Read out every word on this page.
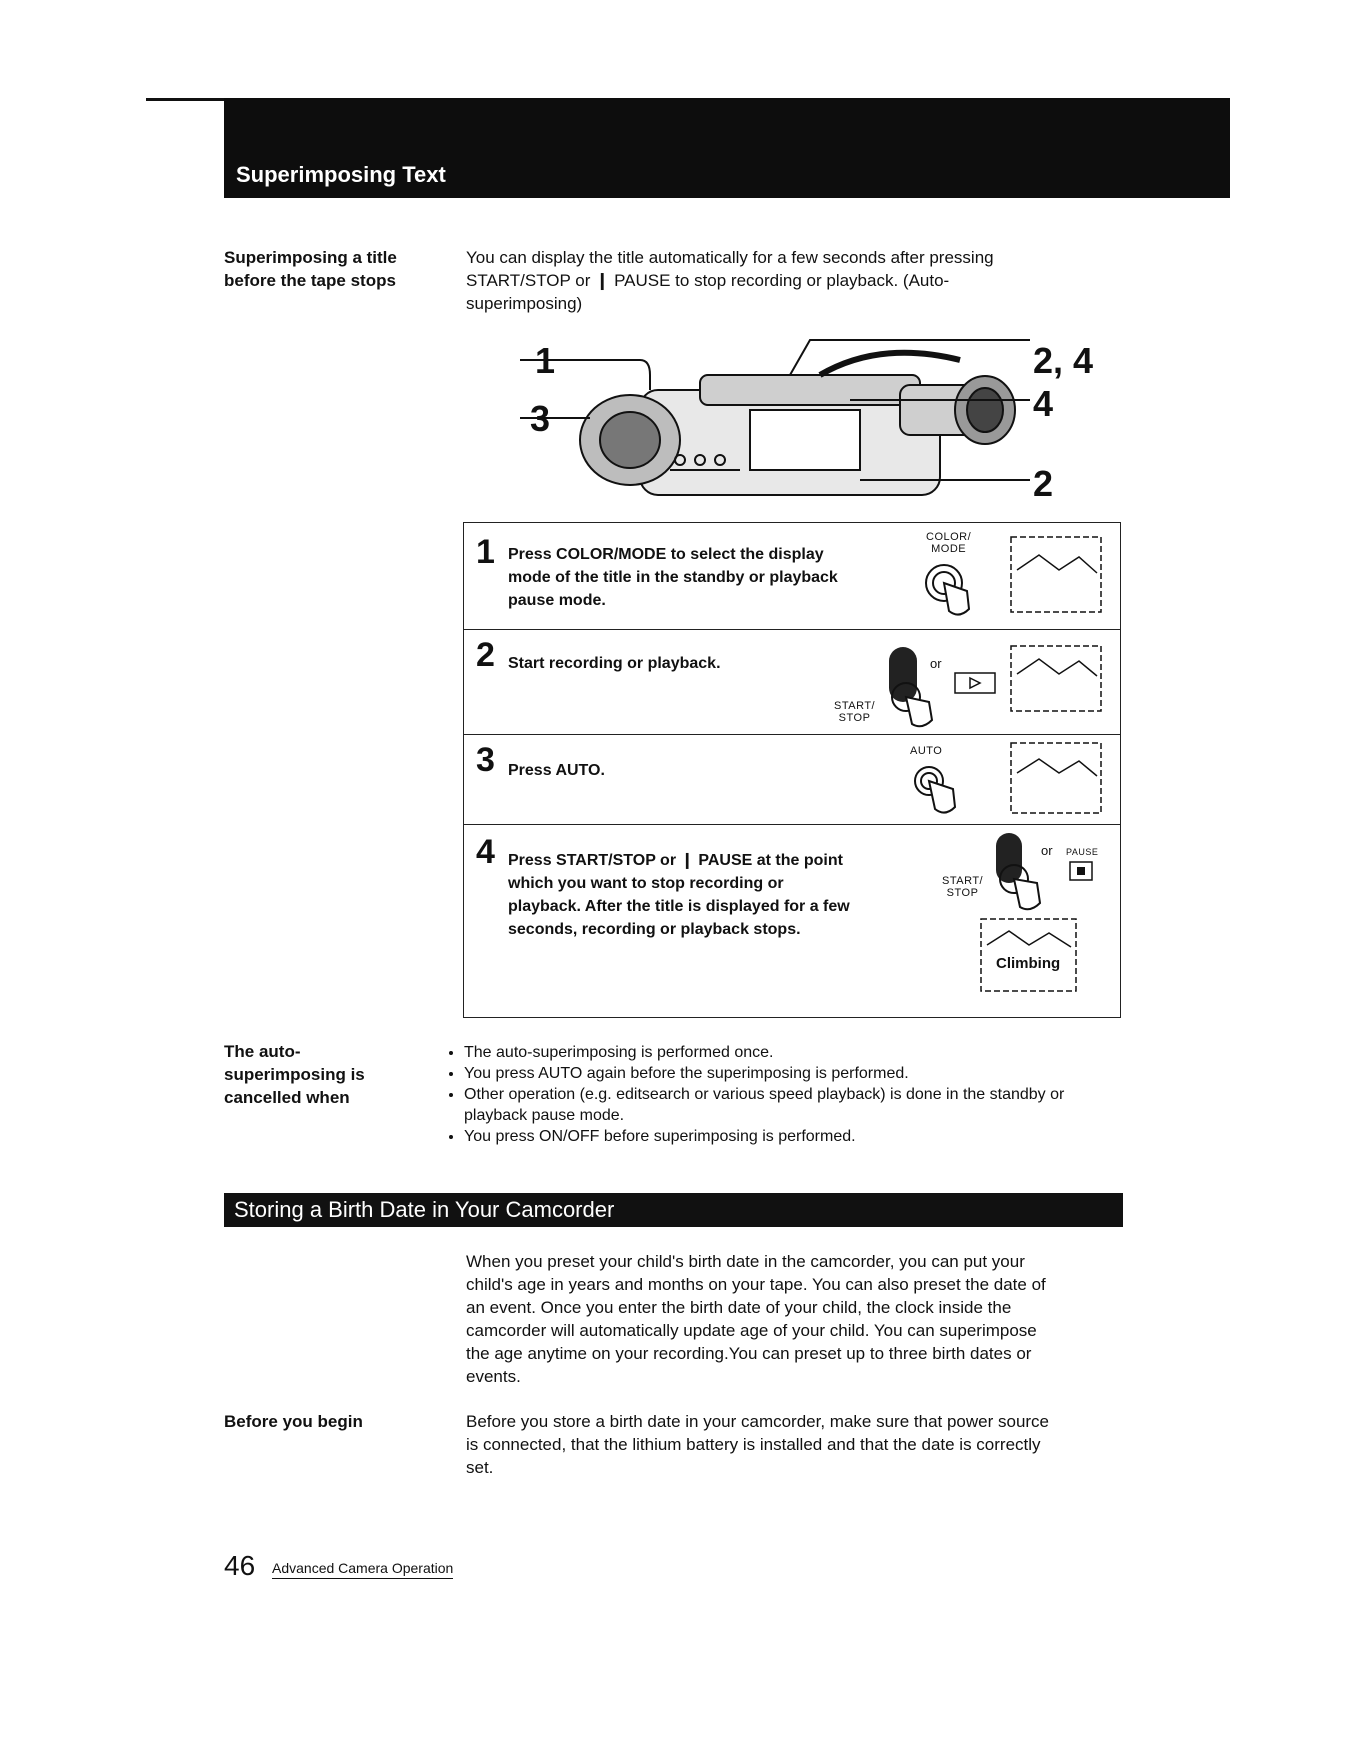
Superimposing Text
Superimposing a title
before the tape stops
You can display the title automatically for a few seconds after pressing
START/STOP or ❙ PAUSE to stop recording or playback. (Auto-
superimposing)
1
3
2, 4
4
2
1 Press COLOR/MODE to select the display
mode of the title in the standby or playback
pause mode.
COLOR/
MODE
2 Start recording or playback.
START/
STOP
or
3 Press AUTO.
AUTO
4 Press START/STOP or ❙ PAUSE at the point
which you want to stop recording or
playback. After the title is displayed for a few
seconds, recording or playback stops.
START/
STOP
or PAUSE
Climbing
The auto-
superimposing is
cancelled when
• The auto-superimposing is performed once.
• You press AUTO again before the superimposing is performed.
• Other operation (e.g. editsearch or various speed playback) is done in the standby or playback pause mode.
• You press ON/OFF before superimposing is performed.
Storing a Birth Date in Your Camcorder
When you preset your child's birth date in the camcorder, you can put your
child's age in years and months on your tape. You can also preset the date of
an event. Once you enter the birth date of your child, the clock inside the
camcorder will automatically update age of your child. You can superimpose
the age anytime on your recording.You can preset up to three birth dates or
events.
Before you begin	Before you store a birth date in your camcorder, make sure that power source
is connected, that the lithium battery is installed and that the date is correctly
set.
46 Advanced Camera Operation
